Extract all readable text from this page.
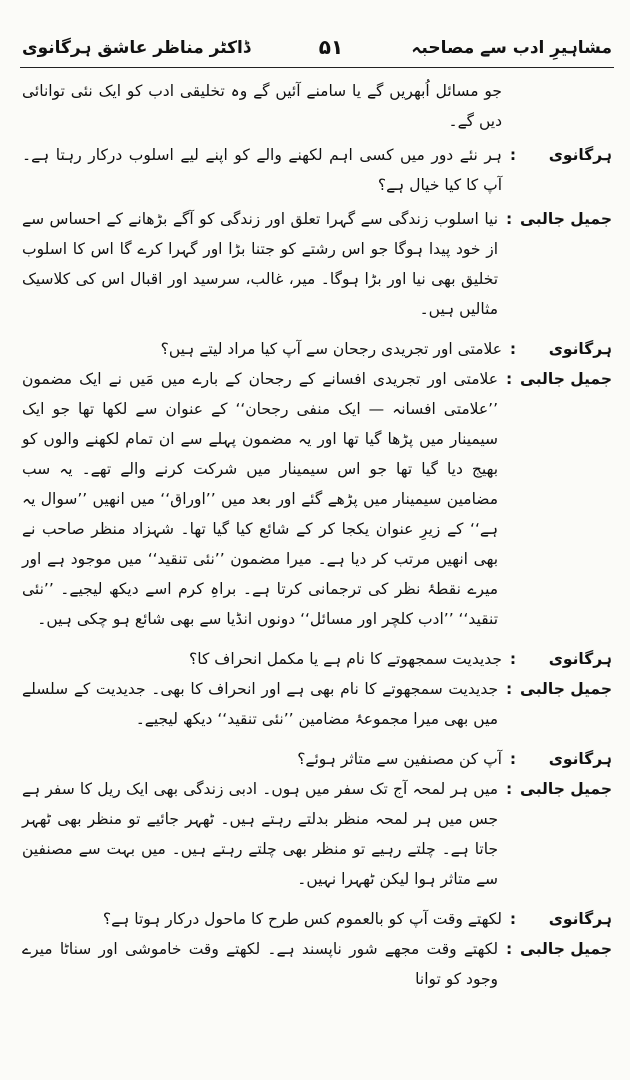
مشاہیرِ ادب سے مصاحبہ
۵۱
ڈاکٹر مناظر عاشق ہرگانوی
جو مسائل اُبھریں گے یا سامنے آئیں گے وہ تخلیقی ادب کو ایک نئی توانائی دیں گے۔
ہرگانوی
:
ہر نئے دور میں کسی اہم لکھنے والے کو اپنے لیے اسلوب درکار رہتا ہے۔ آپ کا کیا خیال ہے؟
جمیل جالبی
:
نیا اسلوب زندگی سے گہرا تعلق اور زندگی کو آگے بڑھانے کے احساس سے از خود پیدا ہوگا جو اس رشتے کو جتنا بڑا اور گہرا کرے گا اس کا اسلوب تخلیق بھی نیا اور بڑا ہوگا۔ میر، غالب، سرسید اور اقبال اس کی کلاسیک مثالیں ہیں۔
ہرگانوی
:
علامتی اور تجریدی رجحان سے آپ کیا مراد لیتے ہیں؟
جمیل جالبی
:
علامتی اور تجریدی افسانے کے رجحان کے بارے میں مَیں نے ایک مضمون ’’علامتی افسانہ — ایک منفی رجحان‘‘ کے عنوان سے لکھا تھا جو ایک سیمینار میں پڑھا گیا تھا اور یہ مضمون پہلے سے ان تمام لکھنے والوں کو بھیج دیا گیا تھا جو اس سیمینار میں شرکت کرنے والے تھے۔ یہ سب مضامین سیمینار میں پڑھے گئے اور بعد میں ’’اوراق‘‘ میں انھیں ’’سوال یہ ہے‘‘ کے زیرِ عنوان یکجا کر کے شائع کیا گیا تھا۔ شہزاد منظر صاحب نے بھی انھیں مرتب کر دیا ہے۔ میرا مضمون ’’نئی تنقید‘‘ میں موجود ہے اور میرے نقطۂ نظر کی ترجمانی کرتا ہے۔ براہِ کرم اسے دیکھ لیجیے۔ ’’نئی تنقید‘‘ ’’ادب کلچر اور مسائل‘‘ دونوں انڈیا سے بھی شائع ہو چکی ہیں۔
ہرگانوی
:
جدیدیت سمجھوتے کا نام ہے یا مکمل انحراف کا؟
جمیل جالبی
:
جدیدیت سمجھوتے کا نام بھی ہے اور انحراف کا بھی۔ جدیدیت کے سلسلے میں بھی میرا مجموعۂ مضامین ’’نئی تنقید‘‘ دیکھ لیجیے۔
ہرگانوی
:
آپ کن مصنفین سے متاثر ہوئے؟
جمیل جالبی
:
میں ہر لمحہ آج تک سفر میں ہوں۔ ادبی زندگی بھی ایک ریل کا سفر ہے جس میں ہر لمحہ منظر بدلتے رہتے ہیں۔ ٹھہر جائیے تو منظر بھی ٹھہر جاتا ہے۔ چلتے رہیے تو منظر بھی چلتے رہتے ہیں۔ میں بہت سے مصنفین سے متاثر ہوا لیکن ٹھہرا نہیں۔
ہرگانوی
:
لکھتے وقت آپ کو بالعموم کس طرح کا ماحول درکار ہوتا ہے؟
جمیل جالبی
:
لکھتے وقت مجھے شور ناپسند ہے۔ لکھتے وقت خاموشی اور سناٹا میرے وجود کو توانا
